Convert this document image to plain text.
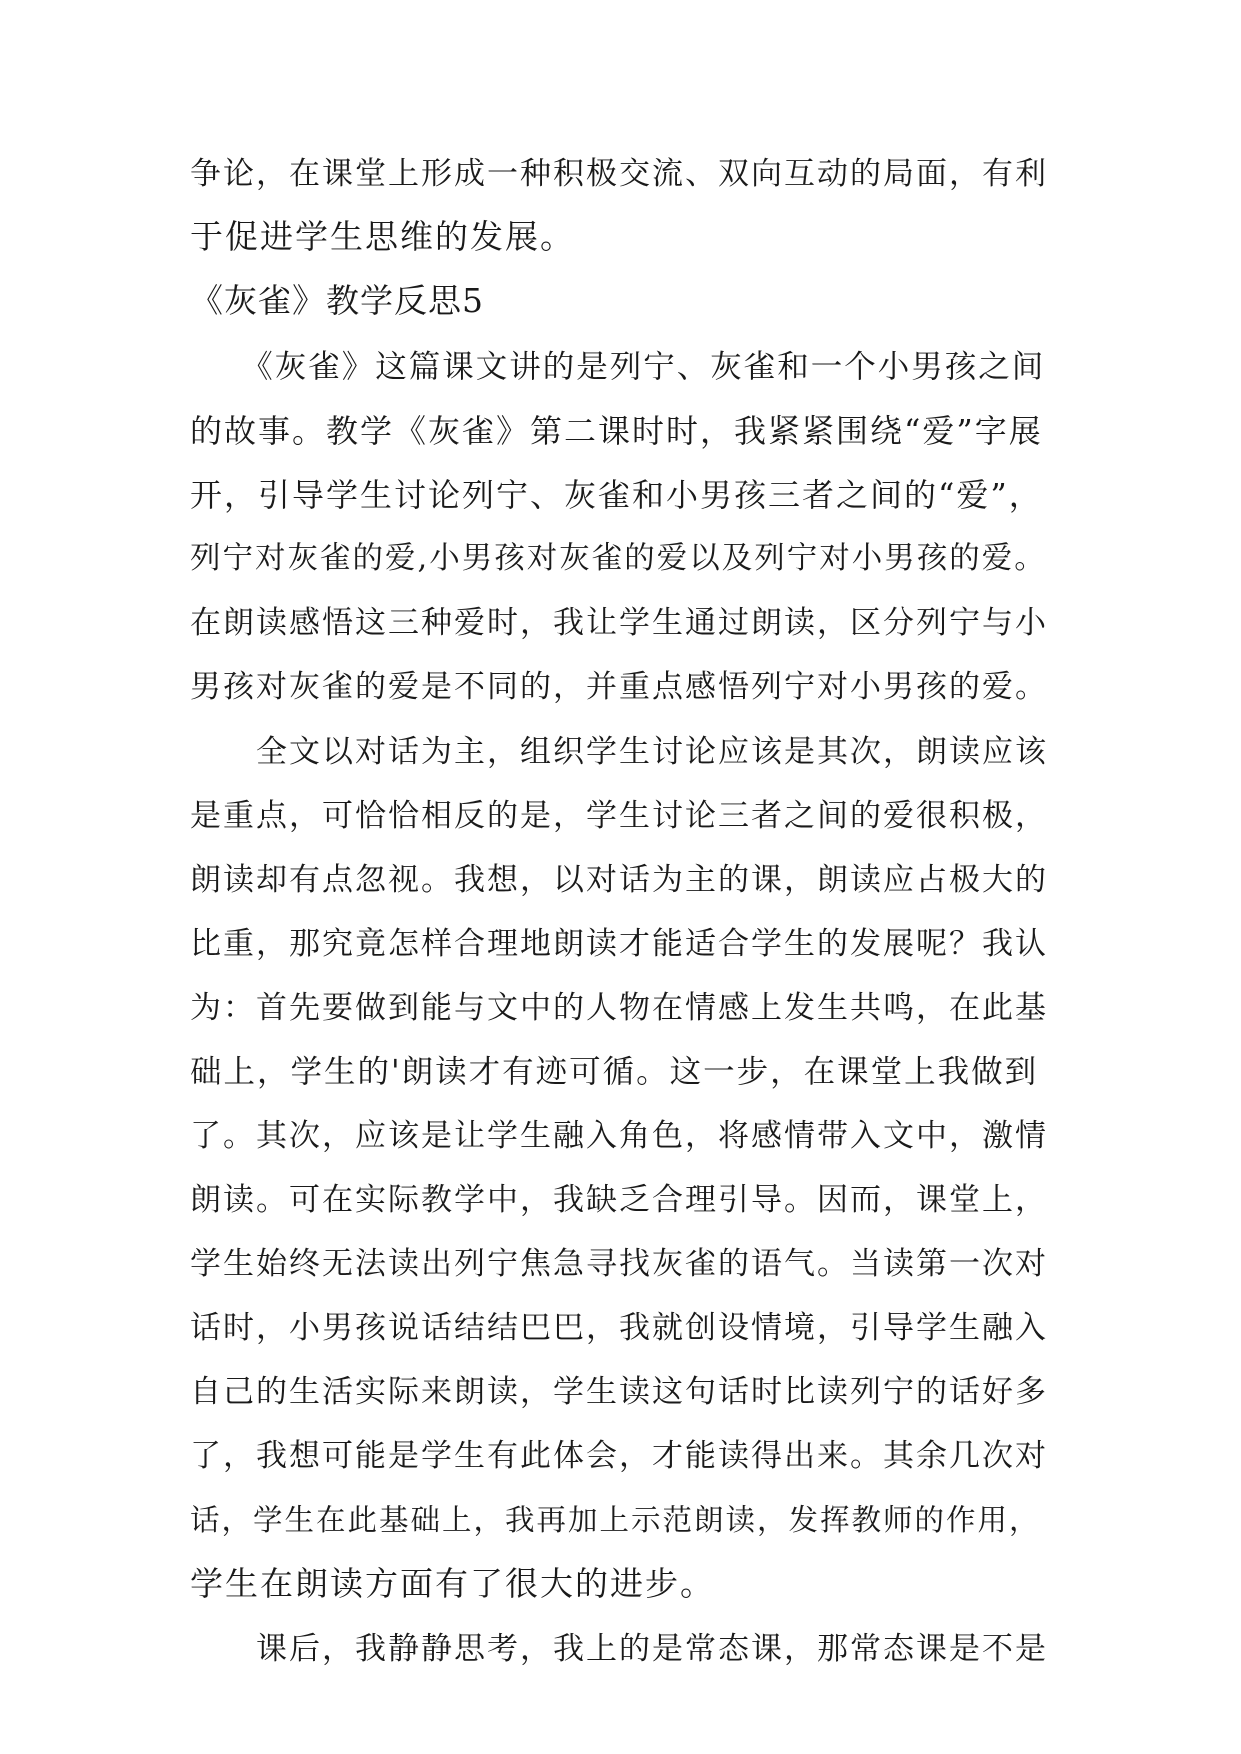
争论，在课堂上形成一种积极交流、双向互动的局面，有利
于促进学生思维的发展。
《灰雀》教学反思5
　　《灰雀》这篇课文讲的是列宁、灰雀和一个小男孩之间
的故事。教学《灰雀》第二课时时，我紧紧围绕“爱”字展
开，引导学生讨论列宁、灰雀和小男孩三者之间的“爱”，
列宁对灰雀的爱,小男孩对灰雀的爱以及列宁对小男孩的爱。
在朗读感悟这三种爱时，我让学生通过朗读，区分列宁与小
男孩对灰雀的爱是不同的，并重点感悟列宁对小男孩的爱。
　　全文以对话为主，组织学生讨论应该是其次，朗读应该
是重点，可恰恰相反的是，学生讨论三者之间的爱很积极，
朗读却有点忽视。我想，以对话为主的课，朗读应占极大的
比重，那究竟怎样合理地朗读才能适合学生的发展呢？我认
为：首先要做到能与文中的人物在情感上发生共鸣，在此基
础上，学生的'朗读才有迹可循。这一步，在课堂上我做到
了。其次，应该是让学生融入角色，将感情带入文中，激情
朗读。可在实际教学中，我缺乏合理引导。因而，课堂上，
学生始终无法读出列宁焦急寻找灰雀的语气。当读第一次对
话时，小男孩说话结结巴巴，我就创设情境，引导学生融入
自己的生活实际来朗读，学生读这句话时比读列宁的话好多
了，我想可能是学生有此体会，才能读得出来。其余几次对
话，学生在此基础上，我再加上示范朗读，发挥教师的作用，
学生在朗读方面有了很大的进步。
　　课后，我静静思考，我上的是常态课，那常态课是不是
